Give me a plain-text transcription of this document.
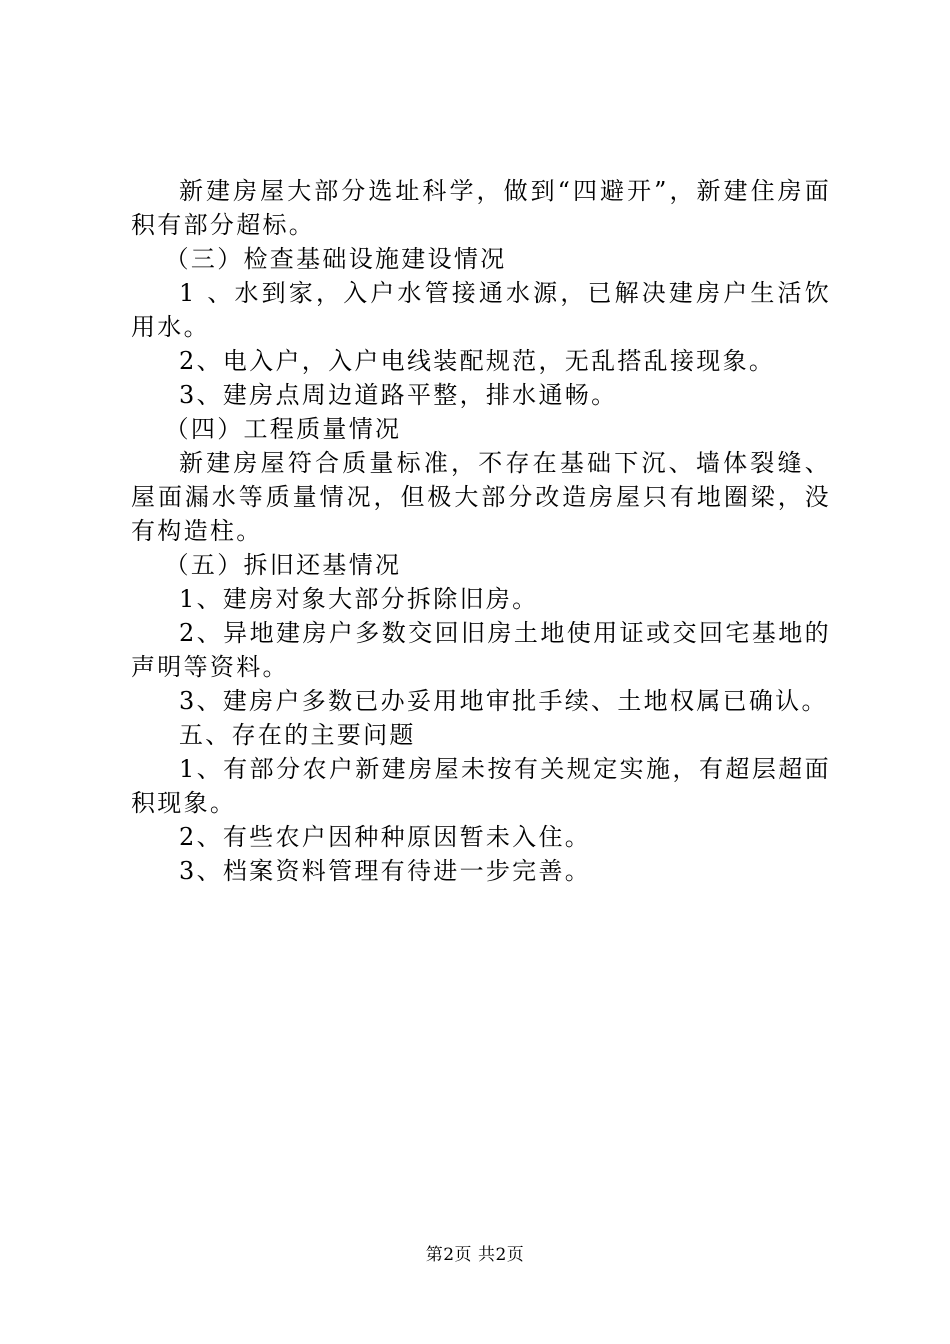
新建房屋大部分选址科学，做到“四避开”，新建住房面积有部分超标。

（三）检查基础设施建设情况

1 、水到家，入户水管接通水源，已解决建房户生活饮用水。

2、电入户，入户电线装配规范，无乱搭乱接现象。

3、建房点周边道路平整，排水通畅。

（四）工程质量情况

新建房屋符合质量标准，不存在基础下沉、墙体裂缝、屋面漏水等质量情况，但极大部分改造房屋只有地圈梁，没有构造柱。

（五）拆旧还基情况

1、建房对象大部分拆除旧房。

2、异地建房户多数交回旧房土地使用证或交回宅基地的声明等资料。

3、建房户多数已办妥用地审批手续、土地权属已确认。

五、存在的主要问题

1、有部分农户新建房屋未按有关规定实施，有超层超面积现象。

2、有些农户因种种原因暂未入住。

3、档案资料管理有待进一步完善。

第2页 共2页
